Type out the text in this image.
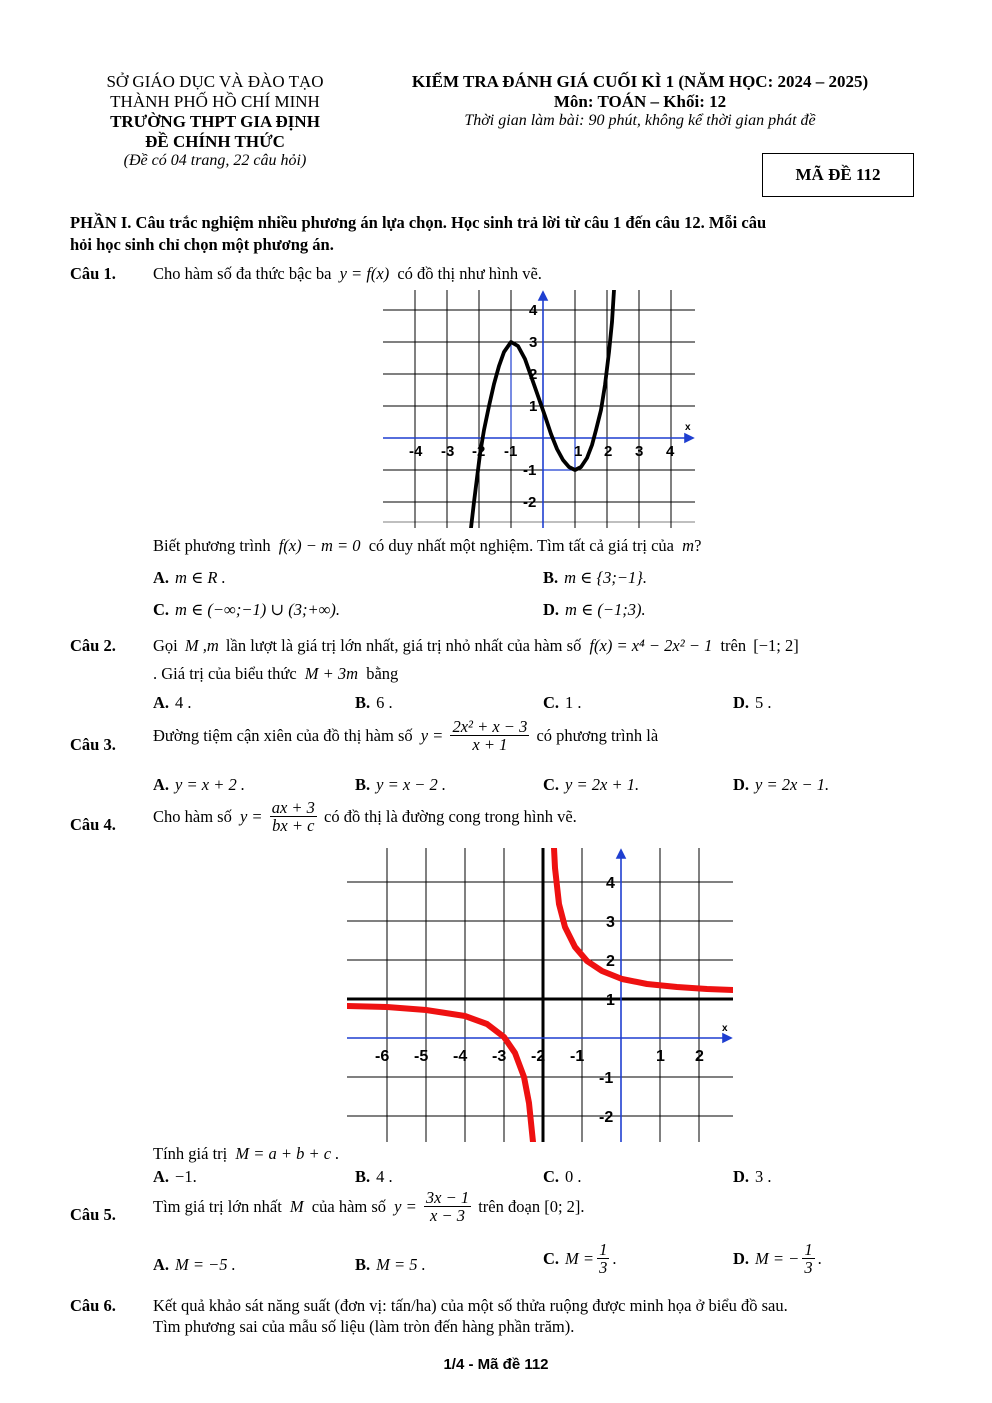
SỞ GIÁO DỤC VÀ ĐÀO TẠO
THÀNH PHỐ HỒ CHÍ MINH
TRƯỜNG THPT GIA ĐỊNH
ĐỀ CHÍNH THỨC
(Đề có 04 trang, 22 câu hỏi)
KIỂM TRA ĐÁNH GIÁ CUỐI KÌ 1 (NĂM HỌC: 2024 – 2025)
Môn: TOÁN – Khối: 12
Thời gian làm bài: 90 phút, không kể thời gian phát đề
MÃ ĐỀ 112
PHẦN I. Câu trắc nghiệm nhiều phương án lựa chọn. Học sinh trả lời từ câu 1 đến câu 12. Mỗi câu
hỏi học sinh chỉ chọn một phương án.
Câu 1. Cho hàm số đa thức bậc ba y = f(x) có đồ thị như hình vẽ.
-4 -3 -2 -1	1 2 3 4
4
3
2
1
-1
-2
x
Biết phương trình f(x) − m = 0 có duy nhất một nghiệm. Tìm tất cả giá trị của m?
A. m ∈ R .	B. m ∈ {3;−1}.
C. m ∈ (−∞;−1) ∪ (3;+∞).	D. m ∈ (−1;3).
Câu 2. Gọi M ,m lần lượt là giá trị lớn nhất, giá trị nhỏ nhất của hàm số f(x) = x⁴ − 2x² − 1 trên [−1; 2]
. Giá trị của biểu thức M + 3m bằng
A. 4 .	B. 6 .	C. 1 .	D. 5 .
Câu 3. Đường tiệm cận xiên của đồ thị hàm số $y = \frac{\text{2x² + x − 3}}{x + 1}$ có phương trình là
A. y = x + 2 .	B. y = x − 2 .	C. y = 2x + 1.	D. y = 2x − 1.
Câu 4. Cho hàm số $y = \frac{ax + 3}{bx + c}$ có đồ thị là đường cong trong hình vẽ.
-6 -5 -4 -3 -2 -1	1 2
4
3
2
1
-1
-2
x
Tính giá trị M = a + b + c .
A. −1.	B. 4 .	C. 0 .	D. 3 .
Câu 5. Tìm giá trị lớn nhất M của hàm số $y = \frac{3x - 1}{x - 3}$ trên đoạn [0; 2].
A. M = −5 .	B. M = 5 .	C. $M = \frac{1}{3}$ .	D. M = − $\frac{1}{3}$ .
Câu 6. Kết quả khảo sát năng suất (đơn vị: tấn/ha) của một số thửa ruộng được minh họa ở biểu đồ sau.
Tìm phương sai của mẫu số liệu (làm tròn đến hàng phần trăm).
1/4 - Mã đề 112
